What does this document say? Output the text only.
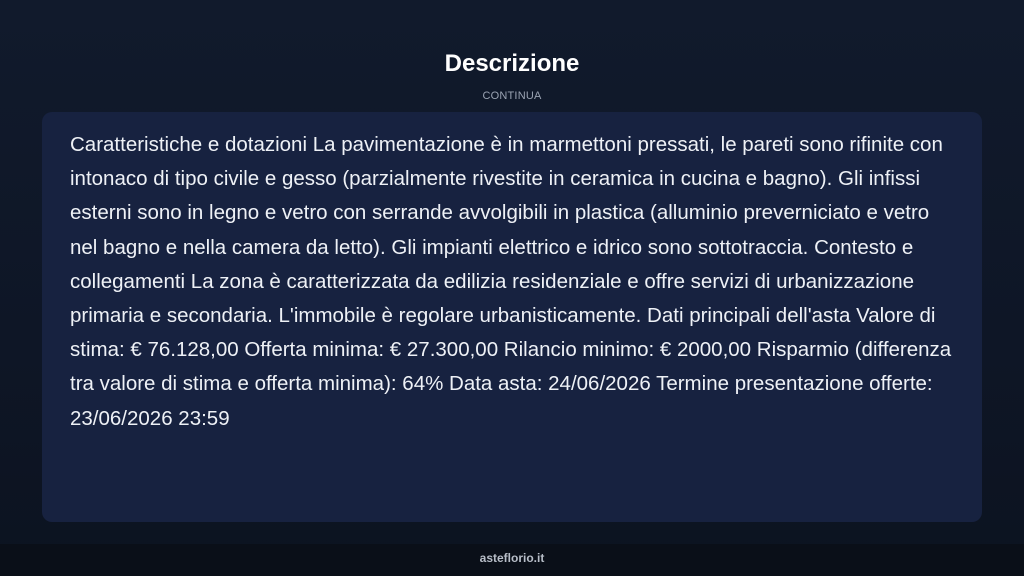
Descrizione
CONTINUA

Caratteristiche e dotazioni La pavimentazione è in marmettoni pressati, le pareti sono rifinite con intonaco di tipo civile e gesso (parzialmente rivestite in ceramica in cucina e bagno). Gli infissi esterni sono in legno e vetro con serrande avvolgibili in plastica (alluminio preverniciato e vetro nel bagno e nella camera da letto). Gli impianti elettrico e idrico sono sottotraccia. Contesto e collegamenti La zona è caratterizzata da edilizia residenziale e offre servizi di urbanizzazione primaria e secondaria. L'immobile è regolare urbanisticamente. Dati principali dell'asta Valore di stima: € 76.128,00 Offerta minima: € 27.300,00 Rilancio minimo: € 2000,00 Risparmio (differenza tra valore di stima e offerta minima): 64% Data asta: 24/06/2026 Termine presentazione offerte: 23/06/2026 23:59

asteflorio.it
